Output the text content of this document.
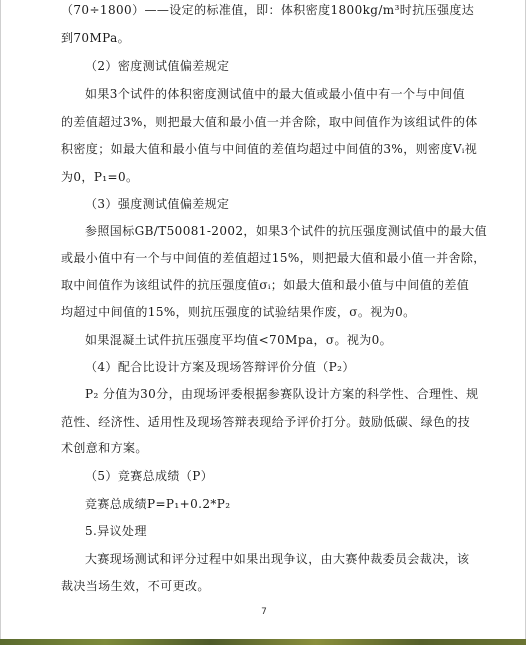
（70÷1800）——设定的标准值，即：体积密度1800kg/m³时抗压强度达
到70MPa。
（2）密度测试值偏差规定
如果3个试件的体积密度测试值中的最大值或最小值中有一个与中间值
的差值超过3%，则把最大值和最小值一并舍除，取中间值作为该组试件的体
积密度；如最大值和最小值与中间值的差值均超过中间值的3%，则密度Vᵢ视
为0，P₁=0。
（3）强度测试值偏差规定
参照国标GB/T50081-2002，如果3个试件的抗压强度测试值中的最大值
或最小值中有一个与中间值的差值超过15%，则把最大值和最小值一并舍除，
取中间值作为该组试件的抗压强度值σᵢ；如最大值和最小值与中间值的差值
均超过中间值的15%，则抗压强度的试验结果作废，σ。视为0。
如果混凝土试件抗压强度平均值<70Mpa，σ。视为0。
（4）配合比设计方案及现场答辩评价分值（P₂）
P₂ 分值为30分，由现场评委根据参赛队设计方案的科学性、合理性、规
范性、经济性、适用性及现场答辩表现给予评价打分。鼓励低碳、绿色的技
术创意和方案。
（5）竞赛总成绩（P）
竞赛总成绩P=P₁+0.2*P₂
5.异议处理
大赛现场测试和评分过程中如果出现争议，由大赛仲裁委员会裁决，该
裁决当场生效，不可更改。
7
